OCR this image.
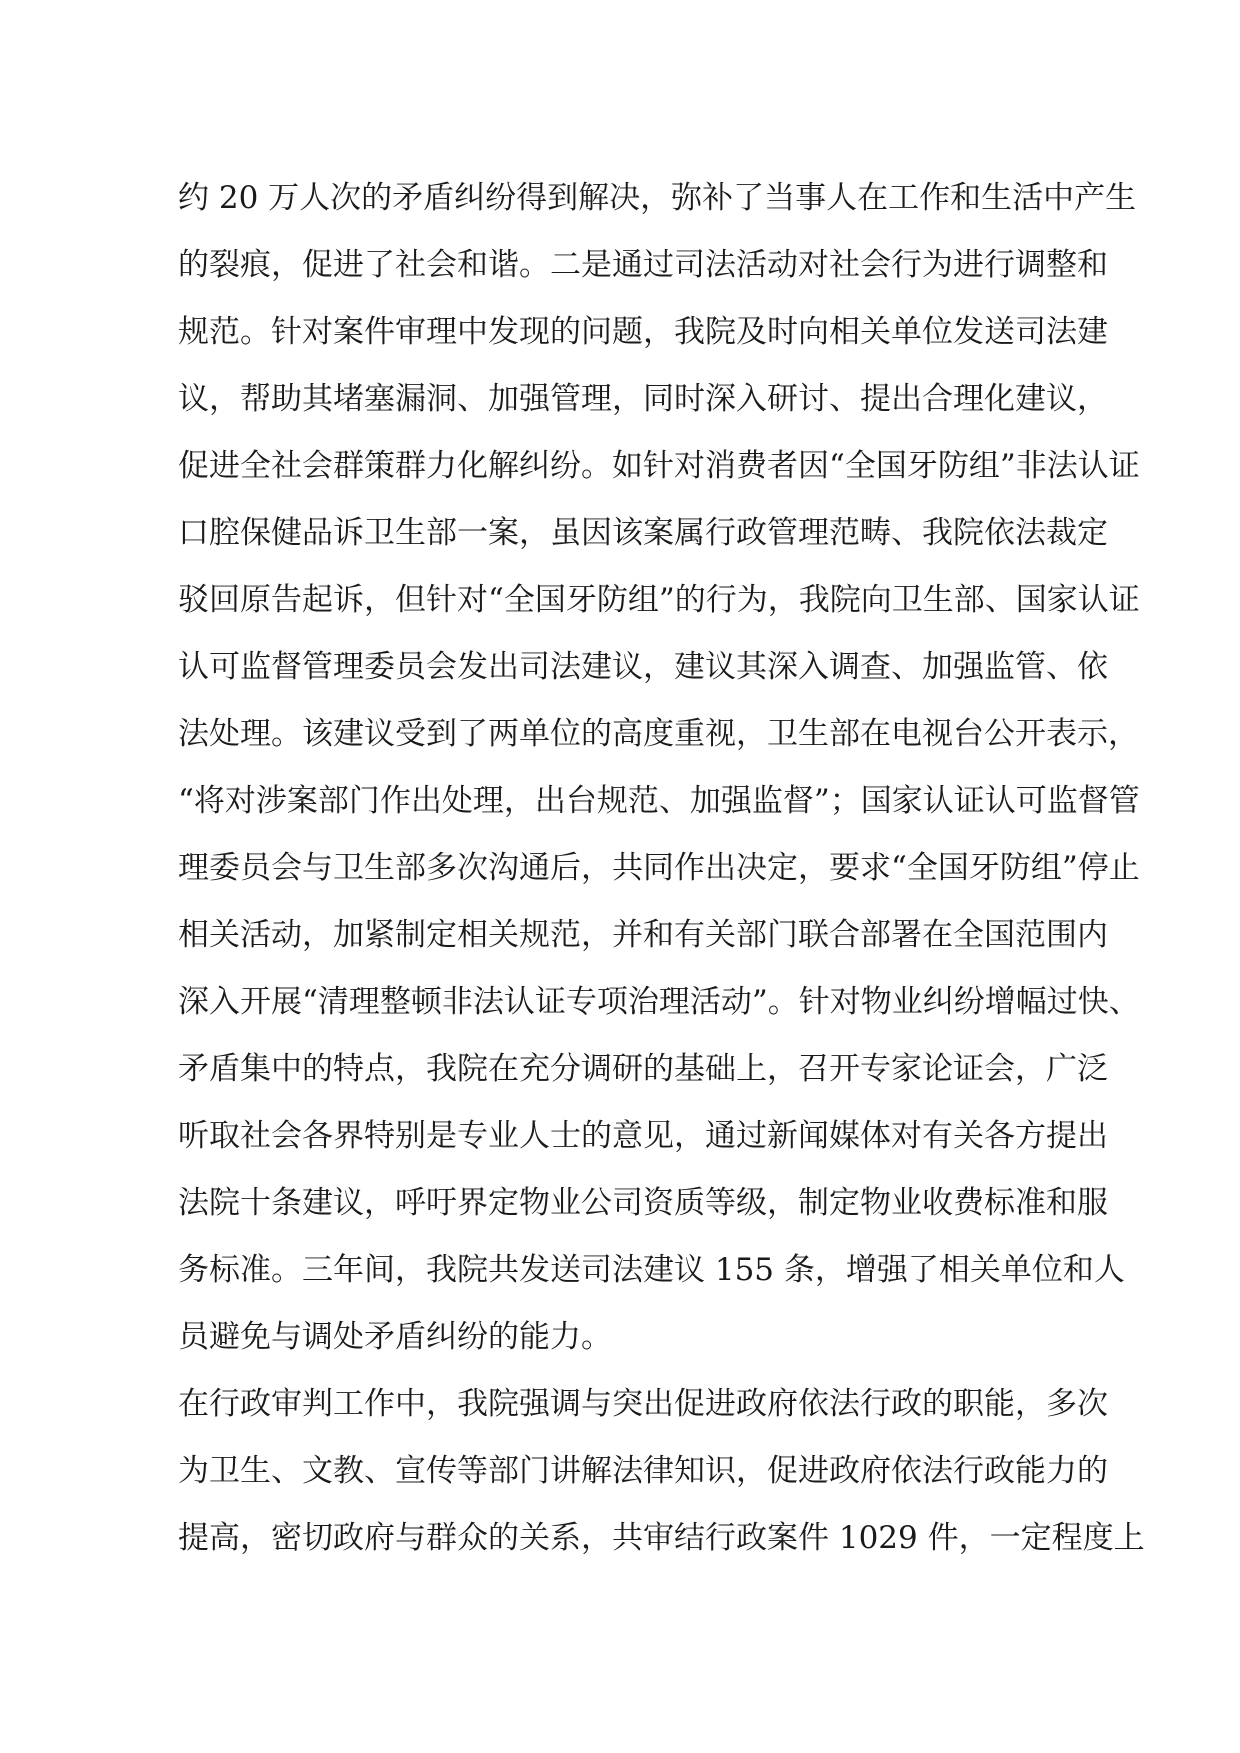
约 20 万人次的矛盾纠纷得到解决，弥补了当事人在工作和生活中产生
的裂痕，促进了社会和谐。二是通过司法活动对社会行为进行调整和
规范。针对案件审理中发现的问题，我院及时向相关单位发送司法建
议，帮助其堵塞漏洞、加强管理，同时深入研讨、提出合理化建议，
促进全社会群策群力化解纠纷。如针对消费者因“全国牙防组”非法认证
口腔保健品诉卫生部一案，虽因该案属行政管理范畴、我院依法裁定
驳回原告起诉，但针对“全国牙防组”的行为，我院向卫生部、国家认证
认可监督管理委员会发出司法建议，建议其深入调查、加强监管、依
法处理。该建议受到了两单位的高度重视，卫生部在电视台公开表示，
“将对涉案部门作出处理，出台规范、加强监督”；国家认证认可监督管
理委员会与卫生部多次沟通后，共同作出决定，要求“全国牙防组”停止
相关活动，加紧制定相关规范，并和有关部门联合部署在全国范围内
深入开展“清理整顿非法认证专项治理活动”。针对物业纠纷增幅过快、
矛盾集中的特点，我院在充分调研的基础上，召开专家论证会，广泛
听取社会各界特别是专业人士的意见，通过新闻媒体对有关各方提出
法院十条建议，呼吁界定物业公司资质等级，制定物业收费标准和服
务标准。三年间，我院共发送司法建议 155 条，增强了相关单位和人
员避免与调处矛盾纠纷的能力。
在行政审判工作中，我院强调与突出促进政府依法行政的职能，多次
为卫生、文教、宣传等部门讲解法律知识，促进政府依法行政能力的
提高，密切政府与群众的关系，共审结行政案件 1029 件，一定程度上
